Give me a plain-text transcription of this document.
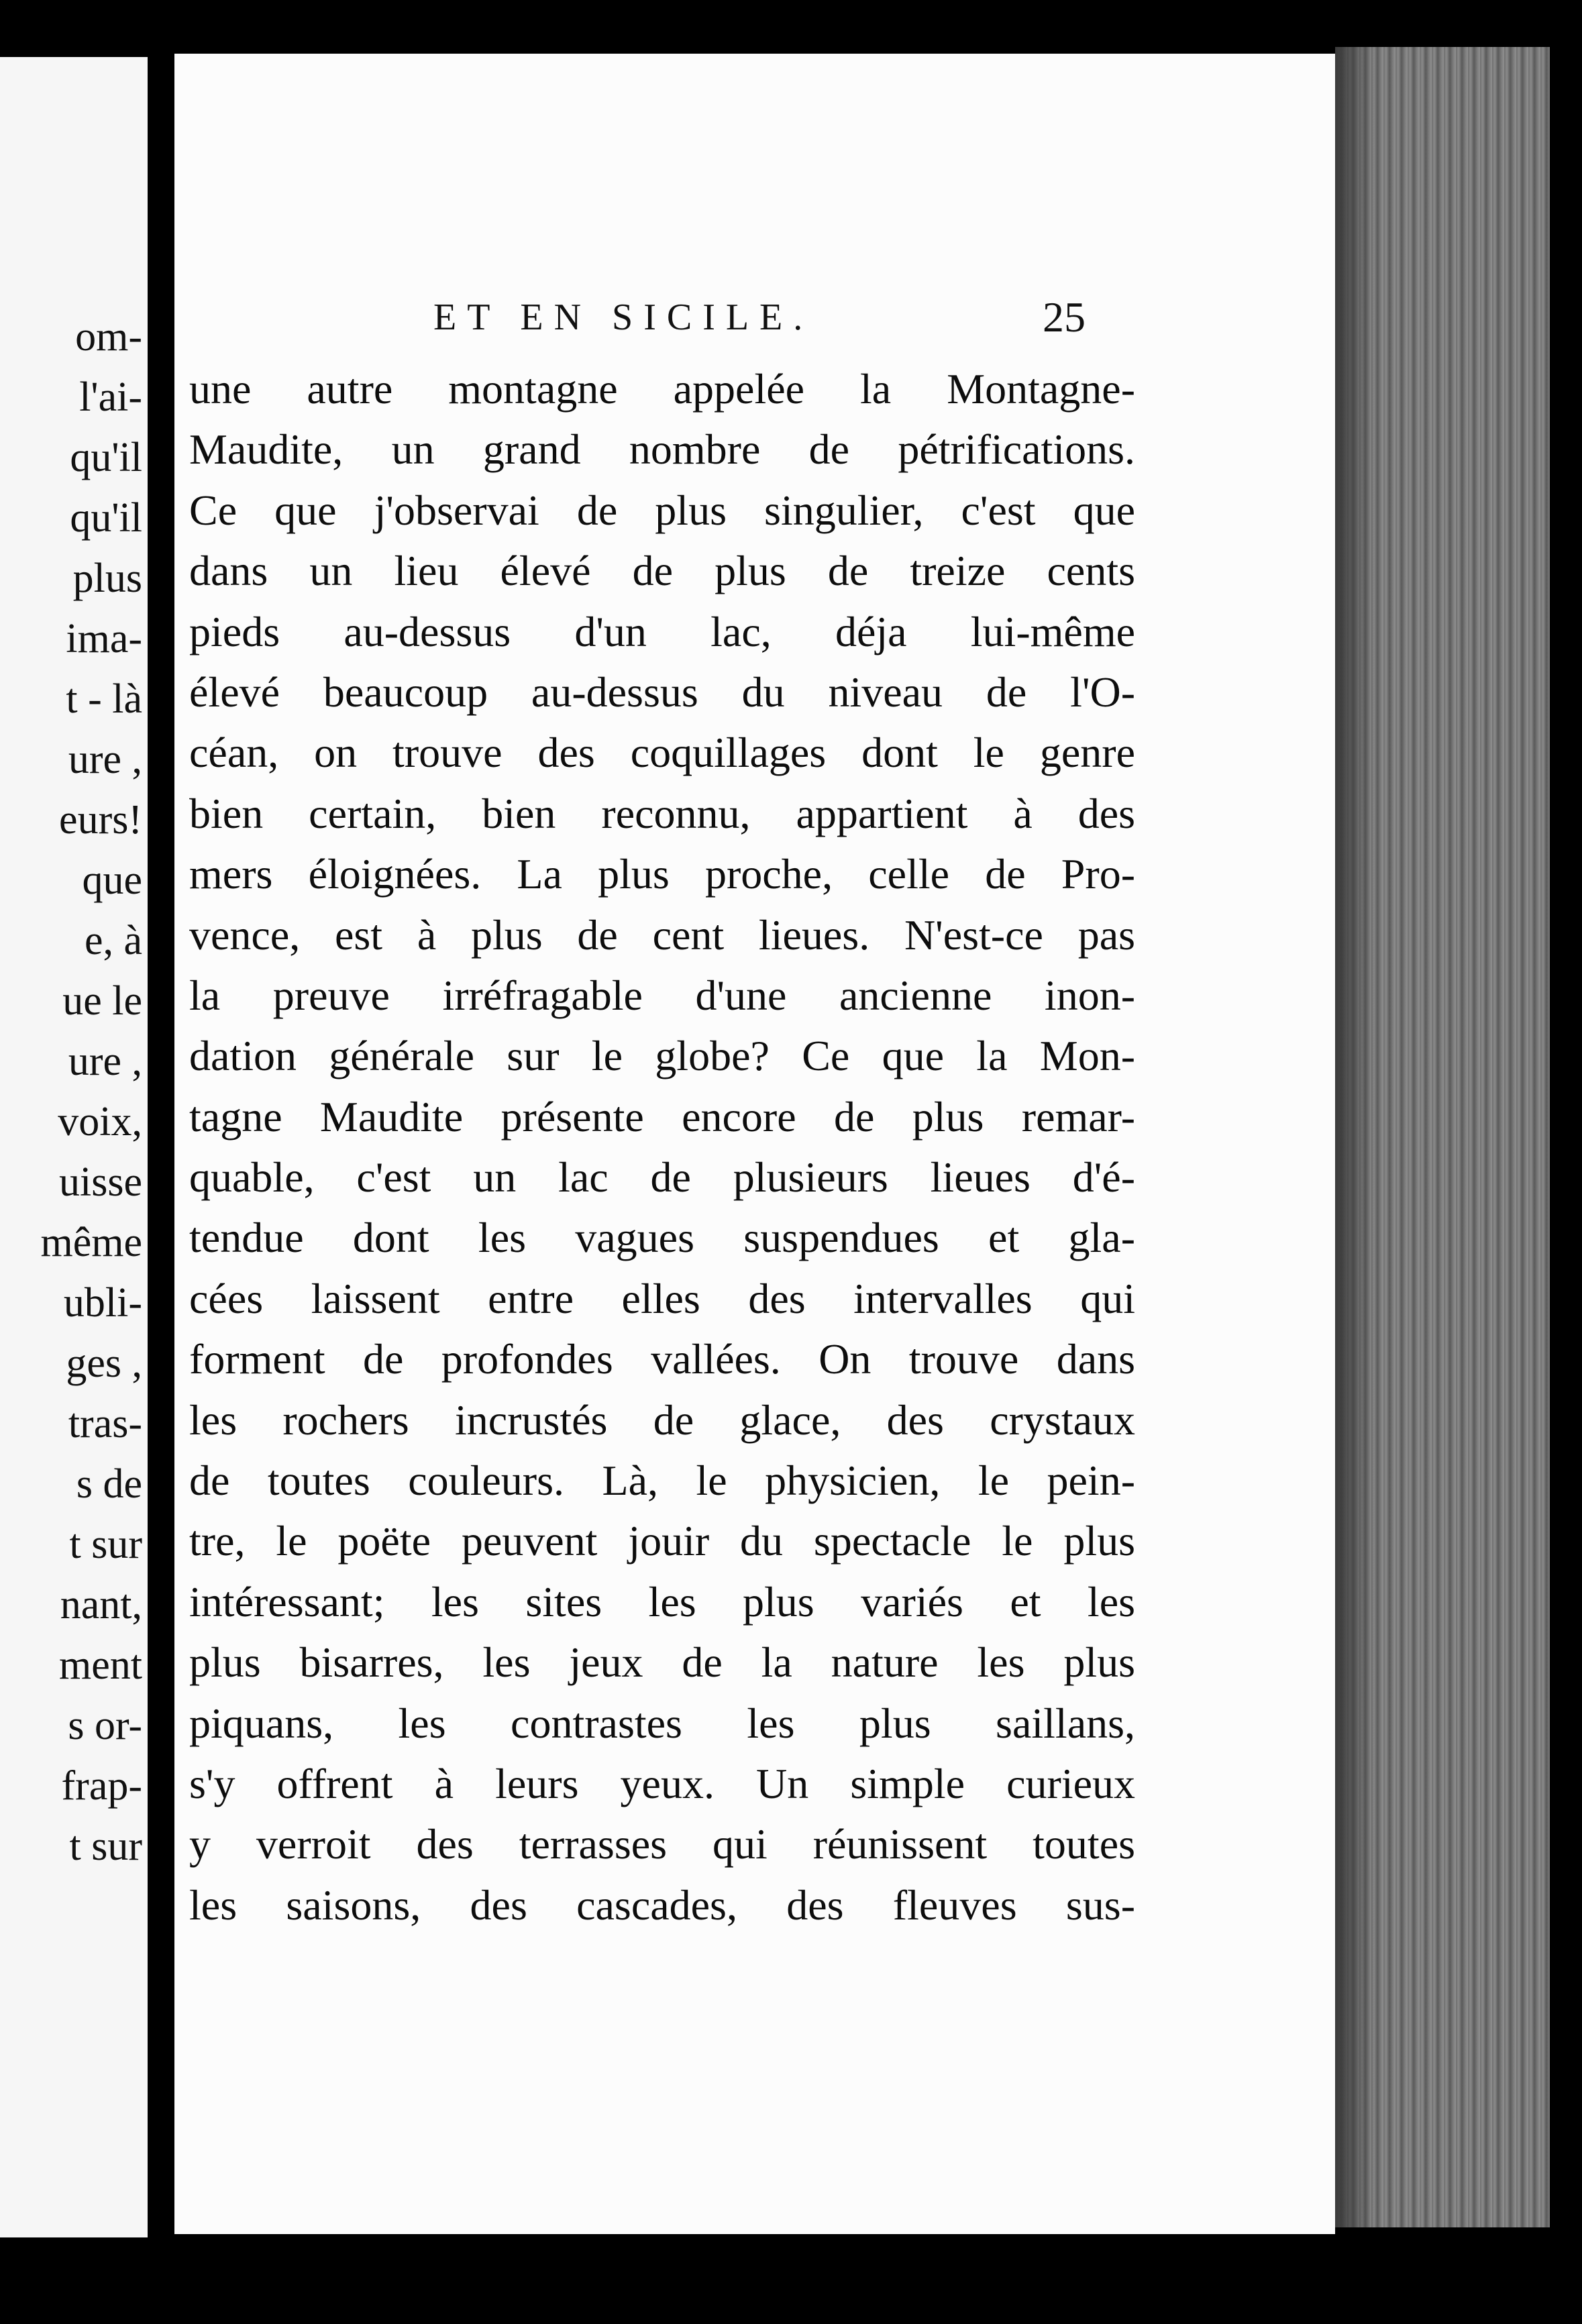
om-
l'ai-
qu'il
qu'il
plus
ima-
t - là
ure ,
eurs!
que
e, à
ue le
ure ,
voix,
uisse
même
ubli-
ges ,
tras-
s de
t sur
nant,
ment
s or-
frap-
t sur
ET EN SICILE.	25
une autre montagne appelée la Montagne-
Maudite, un grand nombre de pétrifications.
Ce que j'observai de plus singulier, c'est que
dans un lieu élevé de plus de treize cents
pieds au-dessus d'un lac, déja lui-même
élevé beaucoup au-dessus du niveau de l'O-
céan, on trouve des coquillages dont le genre
bien certain, bien reconnu, appartient à des
mers éloignées. La plus proche, celle de Pro-
vence, est à plus de cent lieues. N'est-ce pas
la preuve irréfragable d'une ancienne inon-
dation générale sur le globe? Ce que la Mon-
tagne Maudite présente encore de plus remar-
quable, c'est un lac de plusieurs lieues d'é-
tendue dont les vagues suspendues et gla-
cées laissent entre elles des intervalles qui
forment de profondes vallées. On trouve dans
les rochers incrustés de glace, des crystaux
de toutes couleurs. Là, le physicien, le pein-
tre, le poëte peuvent jouir du spectacle le plus
intéressant; les sites les plus variés et les
plus bisarres, les jeux de la nature les plus
piquans, les contrastes les plus saillans,
s'y offrent à leurs yeux. Un simple curieux
y verroit des terrasses qui réunissent toutes
les saisons, des cascades, des fleuves sus-
